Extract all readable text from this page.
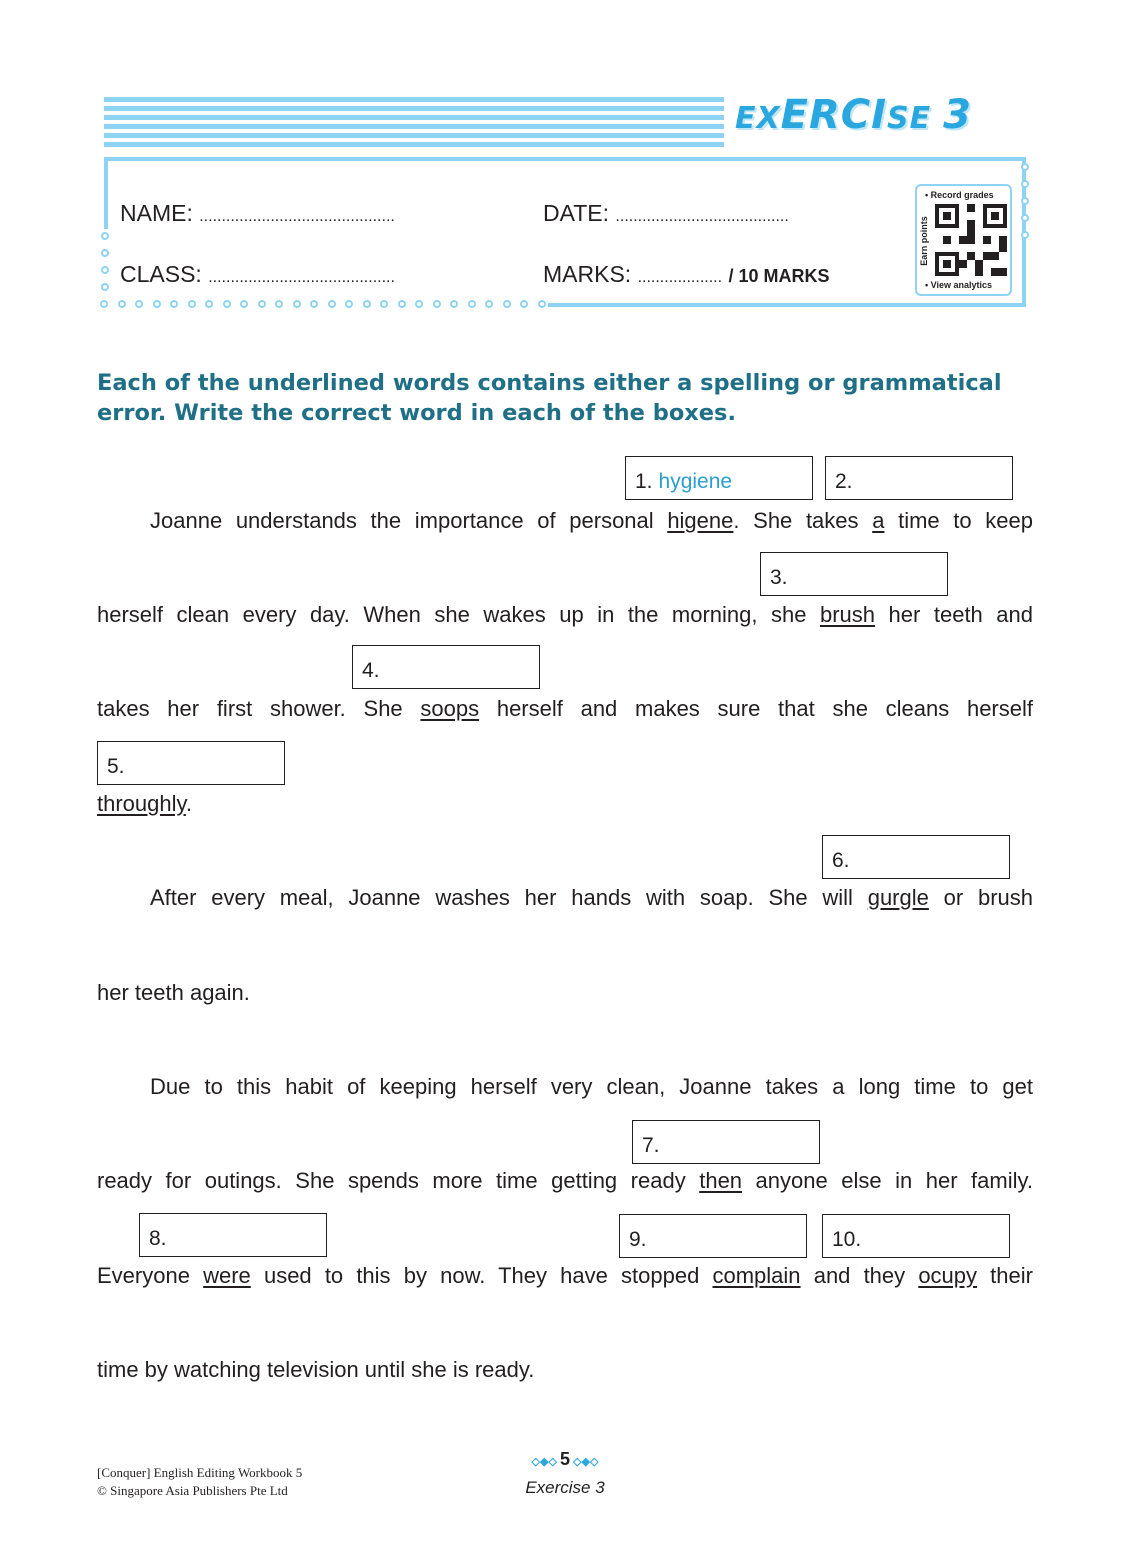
EXERCISE 3
NAME: ............................................	DATE: .......................................
CLASS: ..........................................	MARKS: ................... / 10 MARKS
• Record grades
Earn points
• View analytics
Each of the underlined words contains either a spelling or grammatical error. Write the correct word in each of the boxes.
1. hygiene	2.
3.
4.
5.
6.
7.
8.	9.	10.
Joanne understands the importance of personal higene. She takes a time to keep
herself clean every day. When she wakes up in the morning, she brush her teeth and
takes her first shower. She soops herself and makes sure that she cleans herself
throughly.
After every meal, Joanne washes her hands with soap. She will gurgle or brush
her teeth again.
Due to this habit of keeping herself very clean, Joanne takes a long time to get
ready for outings. She spends more time getting ready then anyone else in her family.
Everyone were used to this by now. They have stopped complain and they ocupy their
time by watching television until she is ready.
[Conquer] English Editing Workbook 5
© Singapore Asia Publishers Pte Ltd
◇◆◇ 5 ◇◆◇
Exercise 3
